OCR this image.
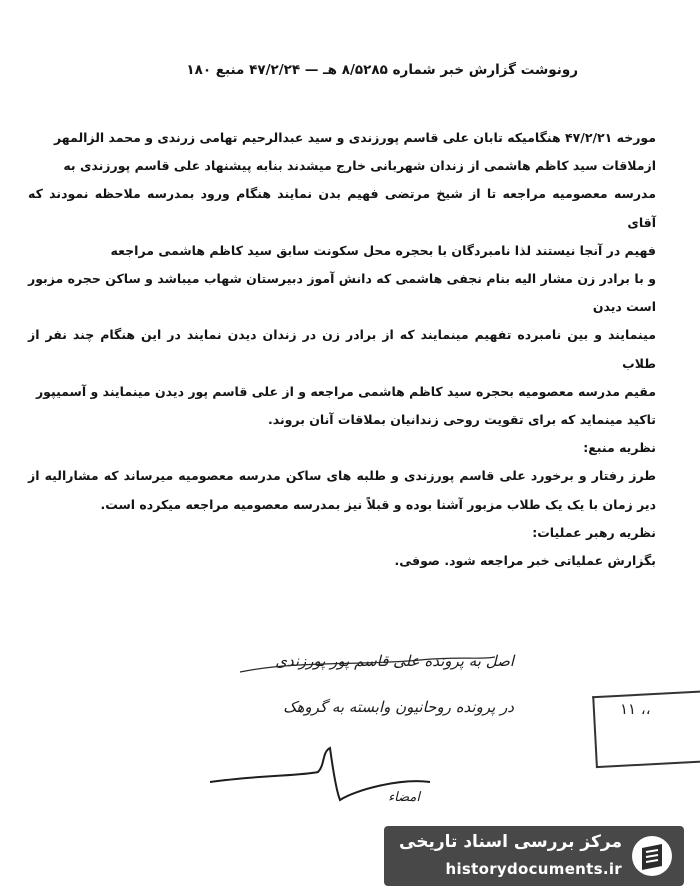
رونوشت گزارش خبر شماره ۸/۵۲۸۵ هـ — ۴۷/۲/۲۴ منبع ۱۸۰

مورخه ۴۷/۲/۲۱ هنگامیکه تابان علی قاسم پورزندی و سید عبدالرحیم تهامی زرندی و محمد الزالمهر

ازملاقات سید کاظم هاشمی از زندان شهربانی خارج میشدند بنابه پیشنهاد علی قاسم پورزندی به

مدرسه معصومیه مراجعه تا از شیخ مرتضی فهیم بدن نمایند هنگام ورود بمدرسه ملاحظه نمودند که آقای

فهیم در آنجا نیستند لذا نامبردگان با بحجره محل سکونت سابق سید کاظم هاشمی مراجعه

و با برادر زن مشار الیه بنام نجفی هاشمی که دانش آموز دبیرستان شهاب میباشد و ساکن حجره مزبور است دیدن

مینمایند و بین نامبرده تفهیم مینمایند که از برادر زن در زندان دیدن نمایند در این هنگام چند نفر از طلاب

مقیم مدرسه معصومیه بحجره سید کاظم هاشمی مراجعه و از علی قاسم پور دیدن مینمایند و آسمیپور

تاکید مینماید که برای تقویت روحی زندانیان بملاقات آنان بروند.

نظریه منبع:

طرز رفتار و برخورد علی قاسم پورزندی و طلبه های ساکن مدرسه معصومیه میرساند که مشارالیه از دیر زمان با یک یک طلاب مزبور آشنا بوده و قبلاً نیز بمدرسه معصومیه مراجعه میکرده است.

نظریه رهبر عملیات:

بگزارش عملیاتی خبر مراجعه شود. صوفی.

اصل به پرونده علی قاسم پور پورزندی
در پرونده روحانیون وابسته به گروهک
امضاء
۱۱ ،،
مرکز بررسی اسناد تاریخی
historydocuments.ir
